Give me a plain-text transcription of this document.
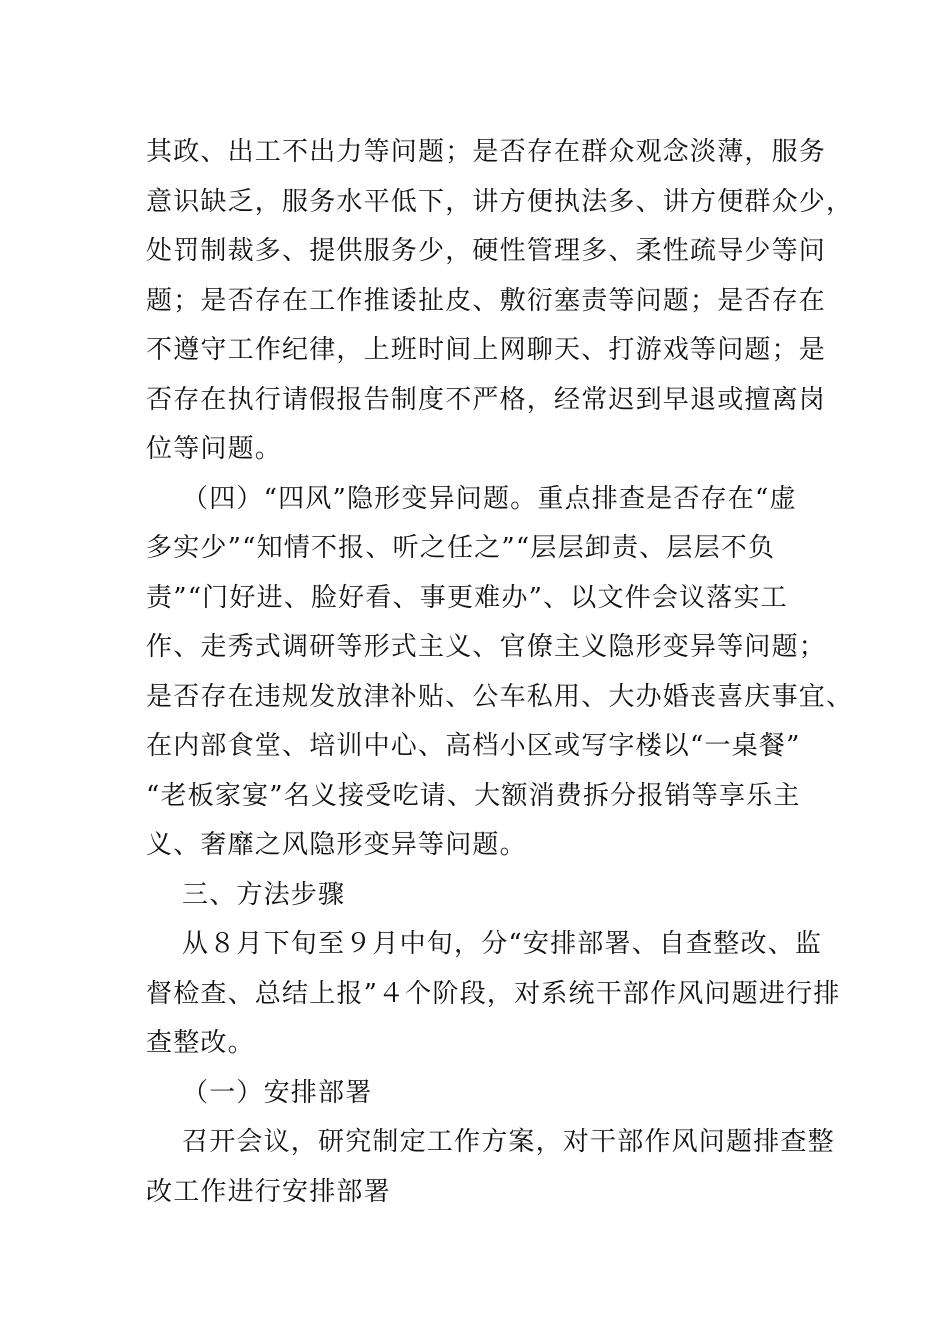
其政、出工不出力等问题；是否存在群众观念淡薄，服务
意识缺乏，服务水平低下，讲方便执法多、讲方便群众少，
处罚制裁多、提供服务少，硬性管理多、柔性疏导少等问
题；是否存在工作推诿扯皮、敷衍塞责等问题；是否存在
不遵守工作纪律，上班时间上网聊天、打游戏等问题；是
否存在执行请假报告制度不严格，经常迟到早退或擅离岗
位等问题。
（四）“四风”隐形变异问题。重点排查是否存在“虚
多实少”“知情不报、听之任之”“层层卸责、层层不负
责”“门好进、脸好看、事更难办”、以文件会议落实工
作、走秀式调研等形式主义、官僚主义隐形变异等问题；
是否存在违规发放津补贴、公车私用、大办婚丧喜庆事宜、
在内部食堂、培训中心、高档小区或写字楼以“一桌餐”
“老板家宴”名义接受吃请、大额消费拆分报销等享乐主
义、奢靡之风隐形变异等问题。
三、方法步骤
从８月下旬至９月中旬，分“安排部署、自查整改、监
督检查、总结上报”４个阶段，对系统干部作风问题进行排
查整改。
（一）安排部署
召开会议，研究制定工作方案，对干部作风问题排查整
改工作进行安排部署
